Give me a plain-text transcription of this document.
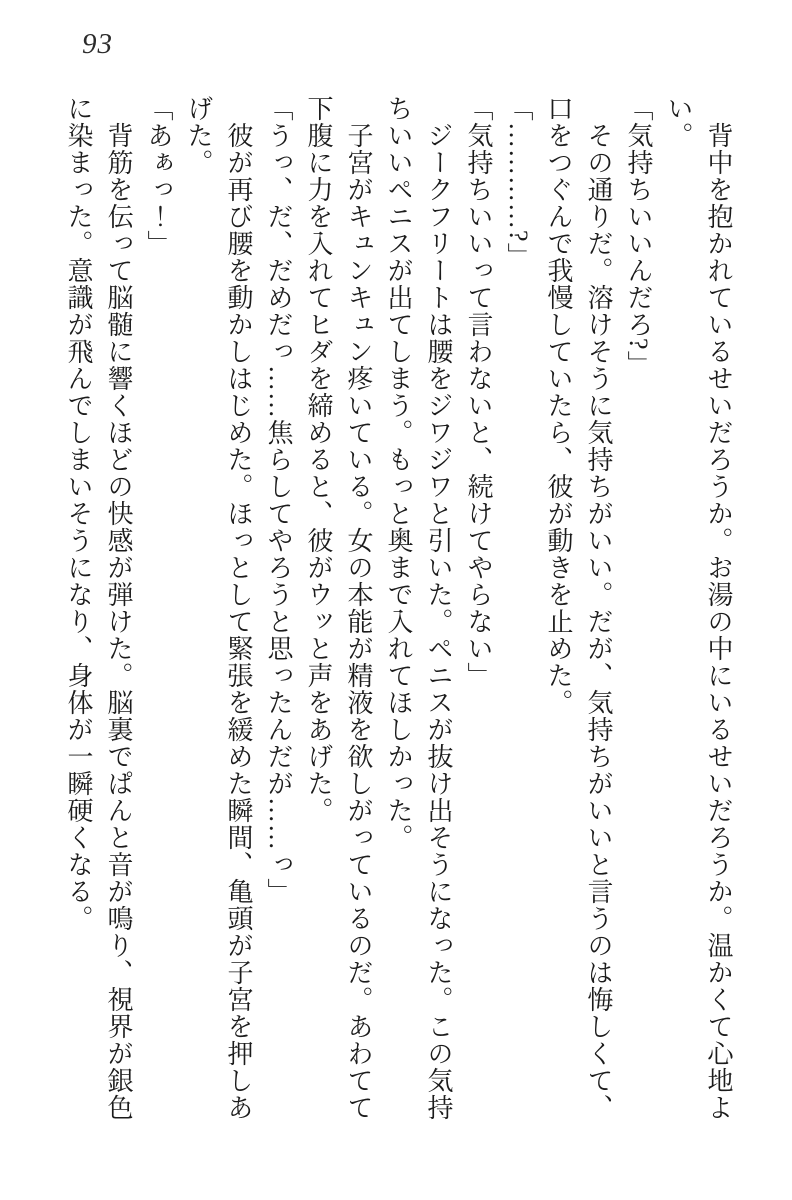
93
　背中を抱かれているせいだろうか。お湯の中にいるせいだろうか。温かくて心地よ
い。
「気持ちいいんだろ?」
　その通りだ。溶けそうに気持ちがいい。だが、気持ちがいいと言うのは悔しくて、
口をつぐんで我慢していたら、彼が動きを止めた。
「…………?」
「気持ちいいって言わないと、続けてやらない」
　ジークフリートは腰をジワジワと引いた。ペニスが抜け出そうになった。この気持
ちいいペニスが出てしまう。もっと奥まで入れてほしかった。
　子宮がキュンキュン疼いている。女の本能が精液を欲しがっているのだ。あわてて
下腹に力を入れてヒダを締めると、彼がウッと声をあげた。
「うっ、だ、だめだっ……焦らしてやろうと思ったんだが……っ」
　彼が再び腰を動かしはじめた。ほっとして緊張を緩めた瞬間、亀頭が子宮を押しあ
げた。
「あぁっ！」
　背筋を伝って脳髄に響くほどの快感が弾けた。脳裏でぱんと音が鳴り、視界が銀色
に染まった。意識が飛んでしまいそうになり、身体が一瞬硬くなる。
